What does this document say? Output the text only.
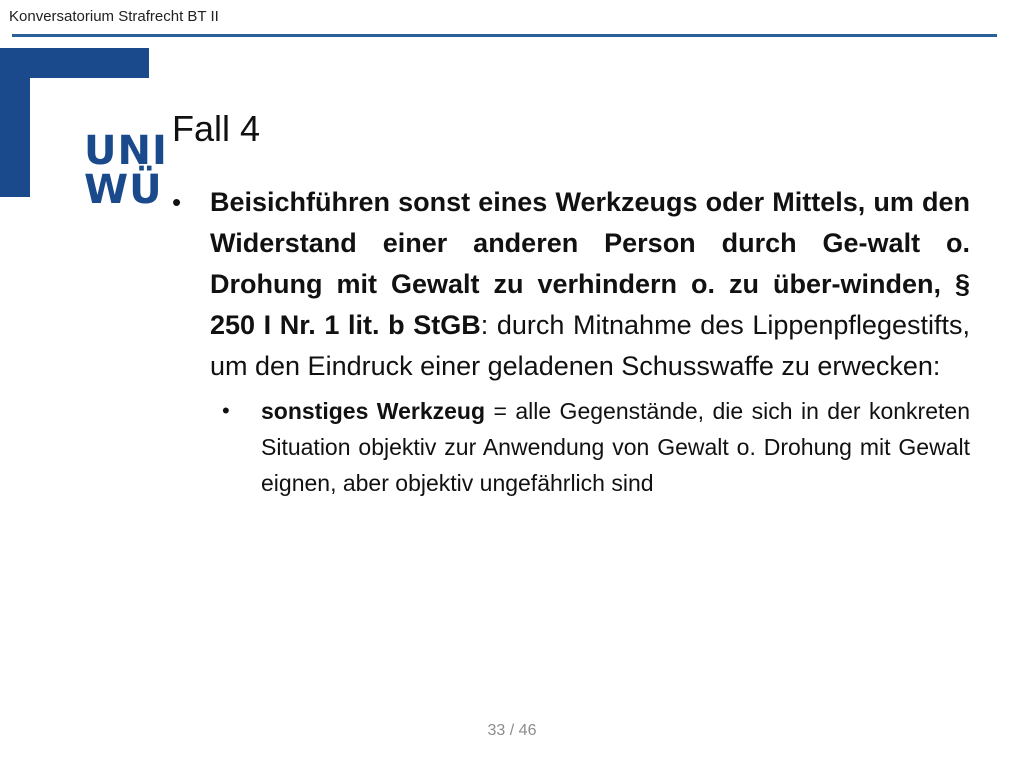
Konversatorium Strafrecht BT II
UNI
WÜ
Fall 4
• Beisichführen sonst eines Werkzeugs oder Mittels, um den Widerstand einer anderen Person durch Ge-walt o. Drohung mit Gewalt zu verhindern o. zu über-winden, § 250 I Nr. 1 lit. b StGB: durch Mitnahme des Lippenpflegestifts, um den Eindruck einer geladenen Schusswaffe zu erwecken:
• sonstiges Werkzeug = alle Gegenstände, die sich in der konkreten Situation objektiv zur Anwendung von Gewalt o. Drohung mit Gewalt eignen, aber objektiv ungefährlich sind
33 / 46
